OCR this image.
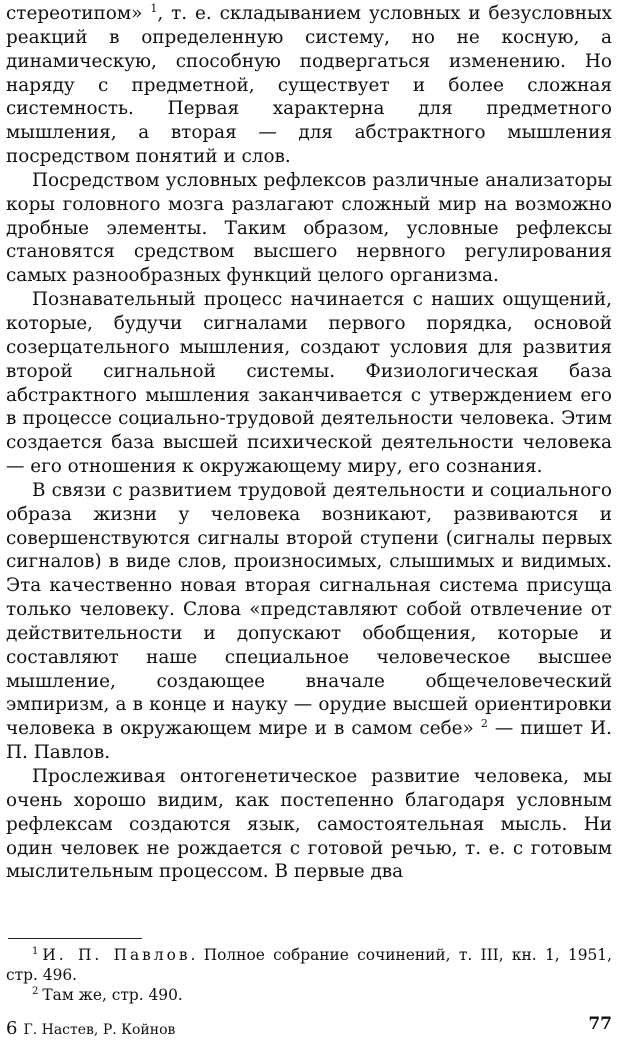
стереотипом» $^1$, т. е. складыванием условных и безусловных реакций в определенную систему, но не косную, а динамическую, способную подвергаться изменению. Но наряду с предметной, существует и более сложная системность. Первая характерна для предметного мышления, а вторая — для абстрактного мышления посредством понятий и слов.

Посредством условных рефлексов различные анализаторы коры головного мозга разлагают сложный мир на возможно дробные элементы. Таким образом, условные рефлексы становятся средством высшего нервного регулирования самых разнообразных функций целого организма.

Познавательный процесс начинается с наших ощущений, которые, будучи сигналами первого порядка, основой созерцательного мышления, создают условия для развития второй сигнальной системы. Физиологическая база абстрактного мышления заканчивается с утверждением его в процессе социально-трудовой деятельности человека. Этим создается база высшей психической деятельности человека — его отношения к окружающему миру, его сознания.

В связи с развитием трудовой деятельности и социального образа жизни у человека возникают, развиваются и совершенствуются сигналы второй ступени (сигналы первых сигналов) в виде слов, произносимых, слышимых и видимых. Эта качественно новая вторая сигнальная система присуща только человеку. Слова «представляют собой отвлечение от действительности и допускают обобщения, которые и составляют наше специальное человеческое высшее мышление, создающее вначале общечеловеческий эмпиризм, а в конце и науку — орудие высшей ориентировки человека в окружающем мире и в самом себе» $^2$ — пишет И. П. Павлов.

Прослеживая онтогенетическое развитие человека, мы очень хорошо видим, как постепенно благодаря условным рефлексам создаются язык, самостоятельная мысль. Ни один человек не рождается с готовой речью, т. е. с готовым мыслительным процессом. В первые два

$^1$ И. П. Павлов. Полное собрание сочинений, т. III, кн. 1, 1951, стр. 496.

$^2$ Там же, стр. 490.

6 Г. Настев, Р. Койнов	77
